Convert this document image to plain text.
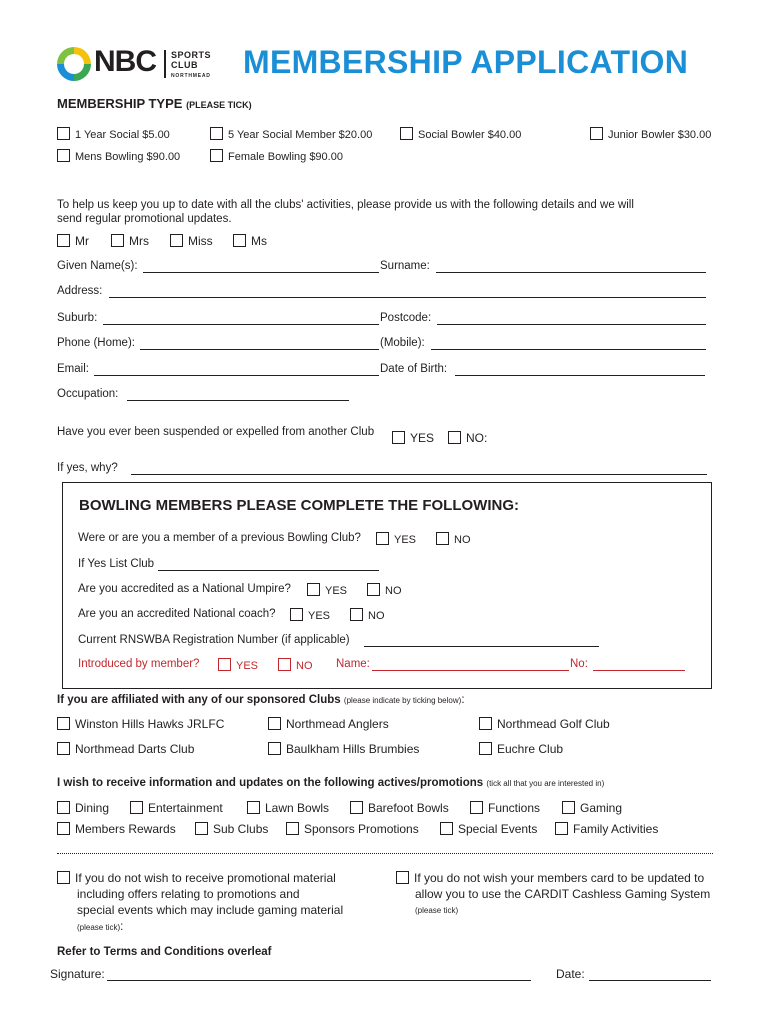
NBC SPORTS
CLUB
NORTHMEAD MEMBERSHIP APPLICATION
MEMBERSHIP TYPE (PLEASE TICK)
1 Year Social $5.00	5 Year Social Member $20.00	Social Bowler $40.00	Junior Bowler $30.00
Mens Bowling $90.00	Female Bowling $90.00
To help us keep you up to date with all the clubs' activities, please provide us with the following details and we will
send regular promotional updates.
Mr	Mrs	Miss	Ms
Given Name(s):	Surname:
Address:
Suburb:	Postcode:
Phone (Home):	(Mobile):
Email:	Date of Birth:
Occupation:
Have you ever been suspended or expelled from another Club	YES	NO:
If yes, why?
BOWLING MEMBERS PLEASE COMPLETE THE FOLLOWING:
Were or are you a member of a previous Bowling Club?	YES	NO
If Yes List Club
Are you accredited as a National Umpire?	YES	NO
Are you an accredited National coach?	YES	NO
Current RNSWBA Registration Number (if applicable)
Introduced by member?	YES	NO Name:	No:
If you are affiliated with any of our sponsored Clubs (please indicate by ticking below):
Winston Hills Hawks JRLFC	Northmead Anglers	Northmead Golf Club
Northmead Darts Club	Baulkham Hills Brumbies	Euchre Club
I wish to receive information and updates on the following actives/promotions (tick all that you are interested in)
Dining	Entertainment	Lawn Bowls	Barefoot Bowls	Functions	Gaming
Members Rewards	Sub Clubs	Sponsors Promotions	Special Events	Family Activities
If you do not wish to receive promotional material
including offers relating to promotions and
special events which may include gaming material
(please tick):
If you do not wish your members card to be updated to
allow you to use the CARDIT Cashless Gaming System
(please tick)
Refer to Terms and Conditions overleaf
Signature:	Date:
